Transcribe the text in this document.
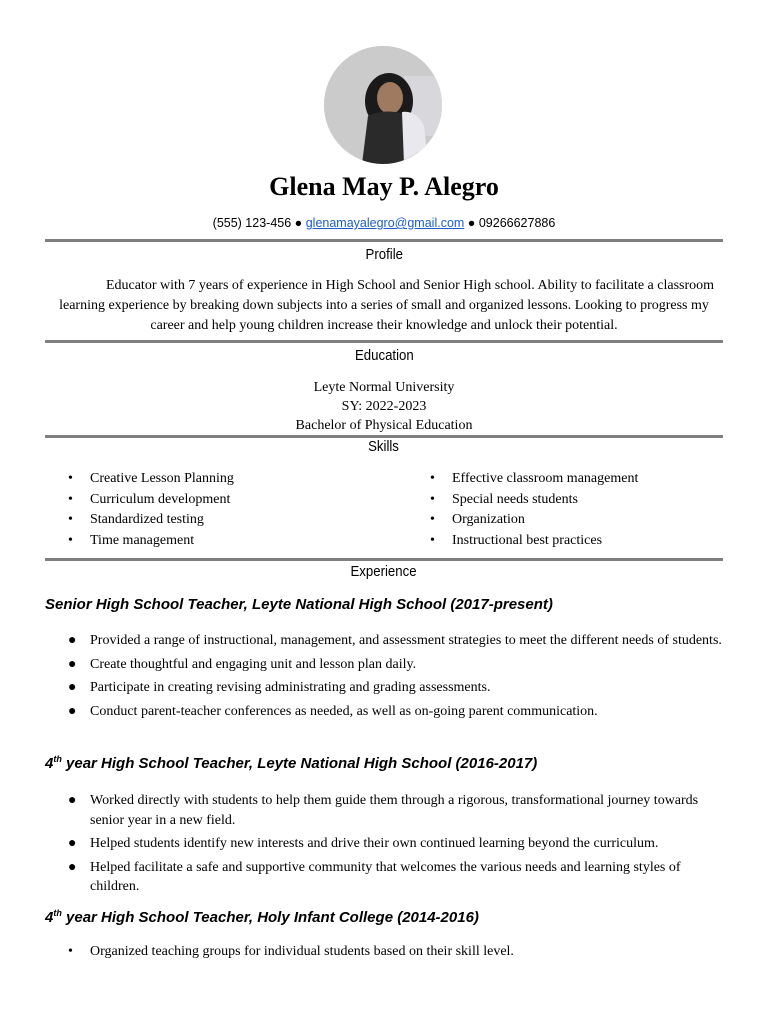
Glena May P. Alegro
(555) 123-456 ● glenamayalegro@gmail.com ● 09266627886
Profile
Educator with 7 years of experience in High School and Senior High school. Ability to facilitate a classroom learning experience by breaking down subjects into a series of small and organized lessons. Looking to progress my career and help young children increase their knowledge and unlock their potential.
Education
Leyte Normal University
SY: 2022-2023
Bachelor of Physical Education
Skills
• Creative Lesson Planning
• Curriculum development
• Standardized testing
• Time management
• Effective classroom management
• Special needs students
• Organization
• Instructional best practices
Experience
Senior High School Teacher, Leyte National High School (2017-present)
● Provided a range of instructional, management, and assessment strategies to meet the different needs of students.
● Create thoughtful and engaging unit and lesson plan daily.
● Participate in creating revising administrating and grading assessments.
● Conduct parent-teacher conferences as needed, as well as on-going parent communication.
4th year High School Teacher, Leyte National High School (2016-2017)
● Worked directly with students to help them guide them through a rigorous, transformational journey towards senior year in a new field.
● Helped students identify new interests and drive their own continued learning beyond the curriculum.
● Helped facilitate a safe and supportive community that welcomes the various needs and learning styles of children.
4th year High School Teacher, Holy Infant College (2014-2016)
• Organized teaching groups for individual students based on their skill level.
